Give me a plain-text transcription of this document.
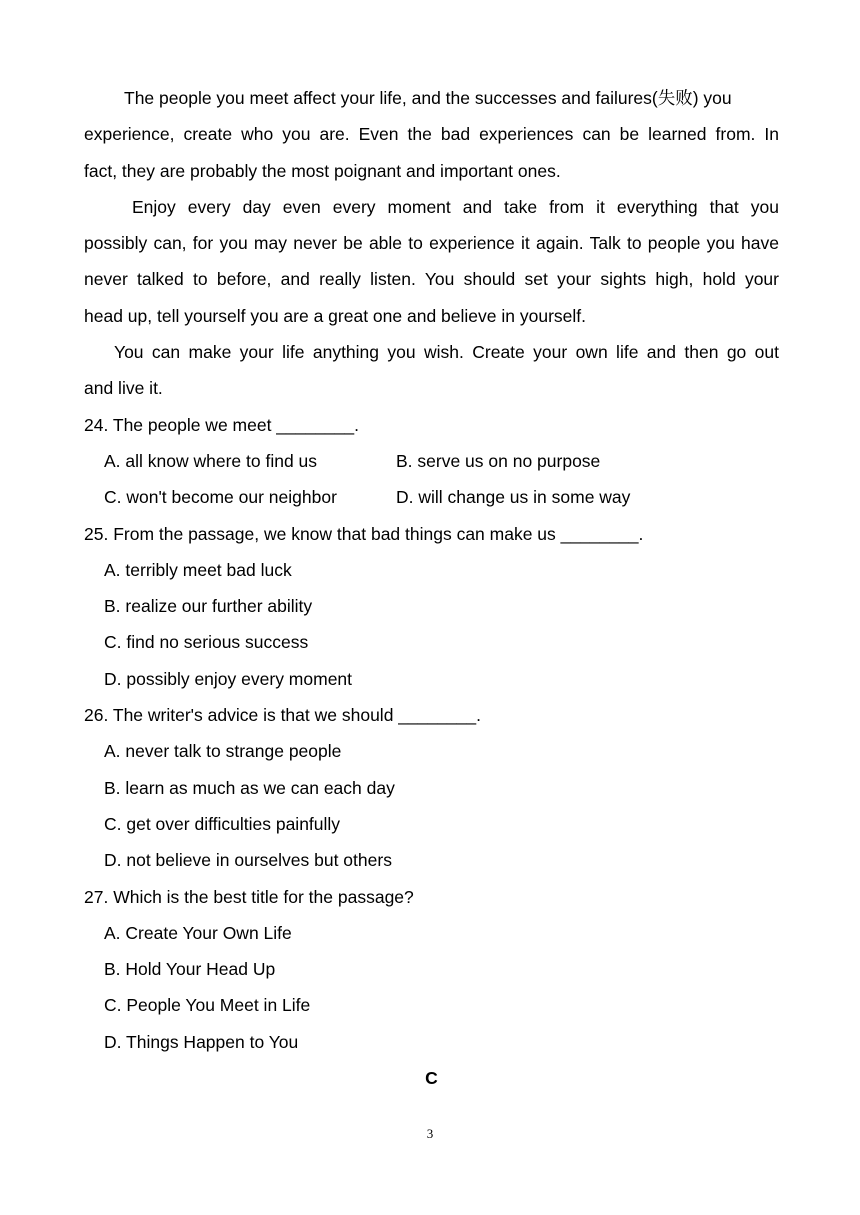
The people you meet affect your life, and the successes and failures(失败) you
experience, create who you are. Even the bad experiences can be learned from. In
fact, they are probably the most poignant and important ones.
Enjoy every day even every moment and take from it everything that you
possibly can, for you may never be able to experience it again. Talk to people you have
never talked to before, and really listen. You should set your sights high, hold your
head up, tell yourself you are a great one and believe in yourself.
You can make your life anything you wish. Create your own life and then go out
and live it.
24. The people we meet ________.
A. all know where to find us	B. serve us on no purpose
C. won't become our neighbor	D. will change us in some way
25. From the passage, we know that bad things can make us ________.
A. terribly meet bad luck
B. realize our further ability
C. find no serious success
D. possibly enjoy every moment
26. The writer's advice is that we should ________.
A. never talk to strange people
B. learn as much as we can each day
C. get over difficulties painfully
D. not believe in ourselves but others
27. Which is the best title for the passage?
A. Create Your Own Life
B. Hold Your Head Up
C. People You Meet in Life
D. Things Happen to You
C
3
